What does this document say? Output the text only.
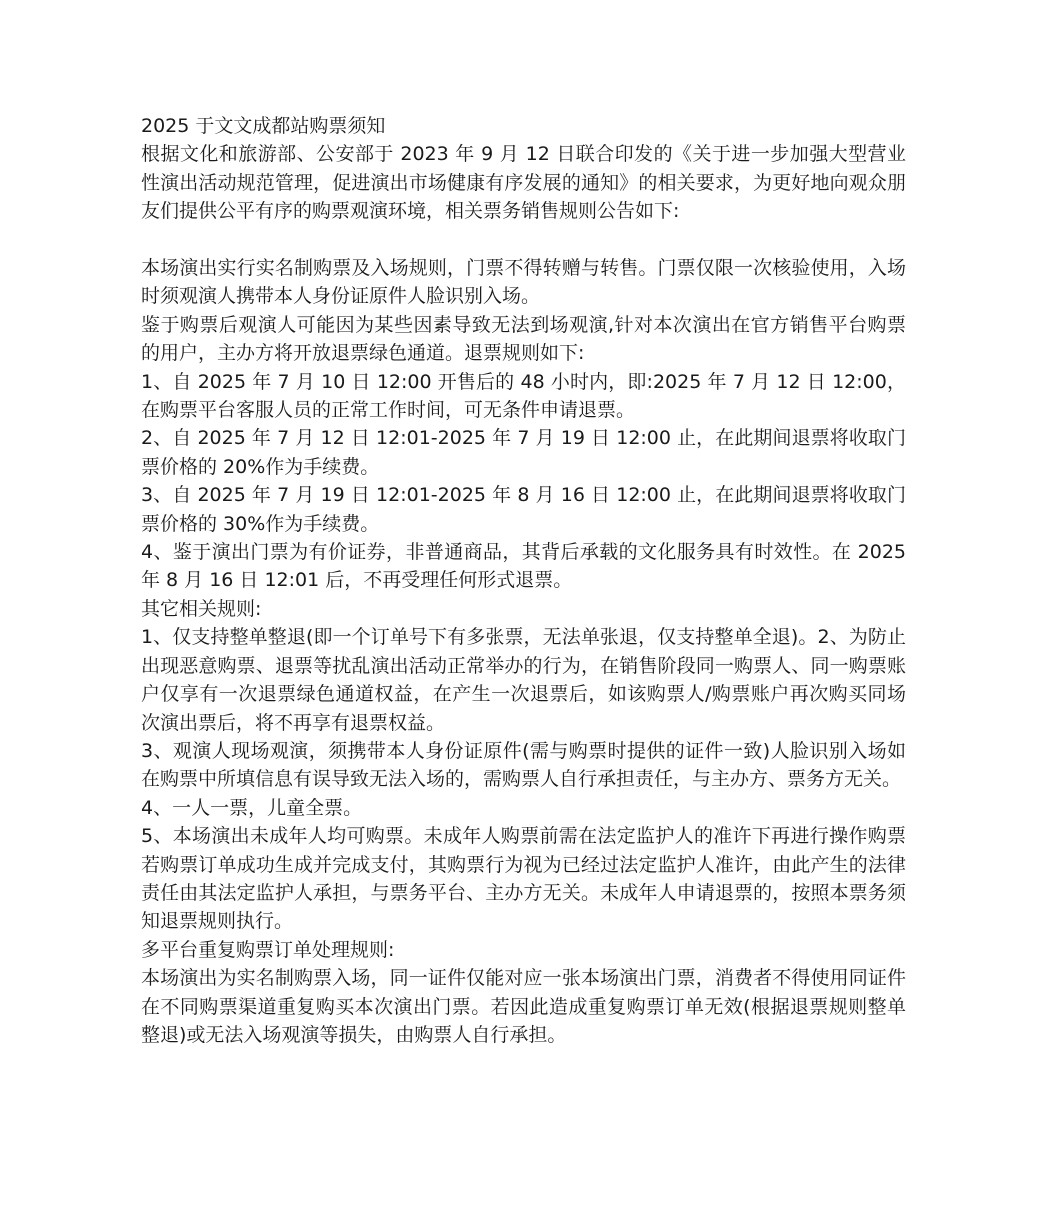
2025 于文文成都站购票须知

根据文化和旅游部、公安部于 2023 年 9 月 12 日联合印发的《关于进一步加强大型营业性演出活动规范管理，促进演出市场健康有序发展的通知》的相关要求，为更好地向观众朋友们提供公平有序的购票观演环境，相关票务销售规则公告如下:

本场演出实行实名制购票及入场规则，门票不得转赠与转售。门票仅限一次核验使用，入场时须观演人携带本人身份证原件人脸识别入场。

鉴于购票后观演人可能因为某些因素导致无法到场观演,针对本次演出在官方销售平台购票的用户，主办方将开放退票绿色通道。退票规则如下:

1、自 2025 年 7 月 10 日 12:00 开售后的 48 小时内，即:2025 年 7 月 12 日 12:00，在购票平台客服人员的正常工作时间，可无条件申请退票。

2、自 2025 年 7 月 12 日 12:01-2025 年 7 月 19 日 12:00 止，在此期间退票将收取门票价格的 20%作为手续费。

3、自 2025 年 7 月 19 日 12:01-2025 年 8 月 16 日 12:00 止，在此期间退票将收取门票价格的 30%作为手续费。

4、鉴于演出门票为有价证券，非普通商品，其背后承载的文化服务具有时效性。在 2025 年 8 月 16 日 12:01 后，不再受理任何形式退票。

其它相关规则:

1、仅支持整单整退(即一个订单号下有多张票，无法单张退，仅支持整单全退)。2、为防止出现恶意购票、退票等扰乱演出活动正常举办的行为，在销售阶段同一购票人、同一购票账户仅享有一次退票绿色通道权益，在产生一次退票后，如该购票人/购票账户再次购买同场次演出票后，将不再享有退票权益。

3、观演人现场观演，须携带本人身份证原件(需与购票时提供的证件一致)人脸识别入场如在购票中所填信息有误导致无法入场的，需购票人自行承担责任，与主办方、票务方无关。

4、一人一票，儿童全票。

5、本场演出未成年人均可购票。未成年人购票前需在法定监护人的准许下再进行操作购票若购票订单成功生成并完成支付，其购票行为视为已经过法定监护人准许，由此产生的法律责任由其法定监护人承担，与票务平台、主办方无关。未成年人申请退票的，按照本票务须知退票规则执行。

多平台重复购票订单处理规则:

本场演出为实名制购票入场，同一证件仅能对应一张本场演出门票，消费者不得使用同证件在不同购票渠道重复购买本次演出门票。若因此造成重复购票订单无效(根据退票规则整单整退)或无法入场观演等损失，由购票人自行承担。
